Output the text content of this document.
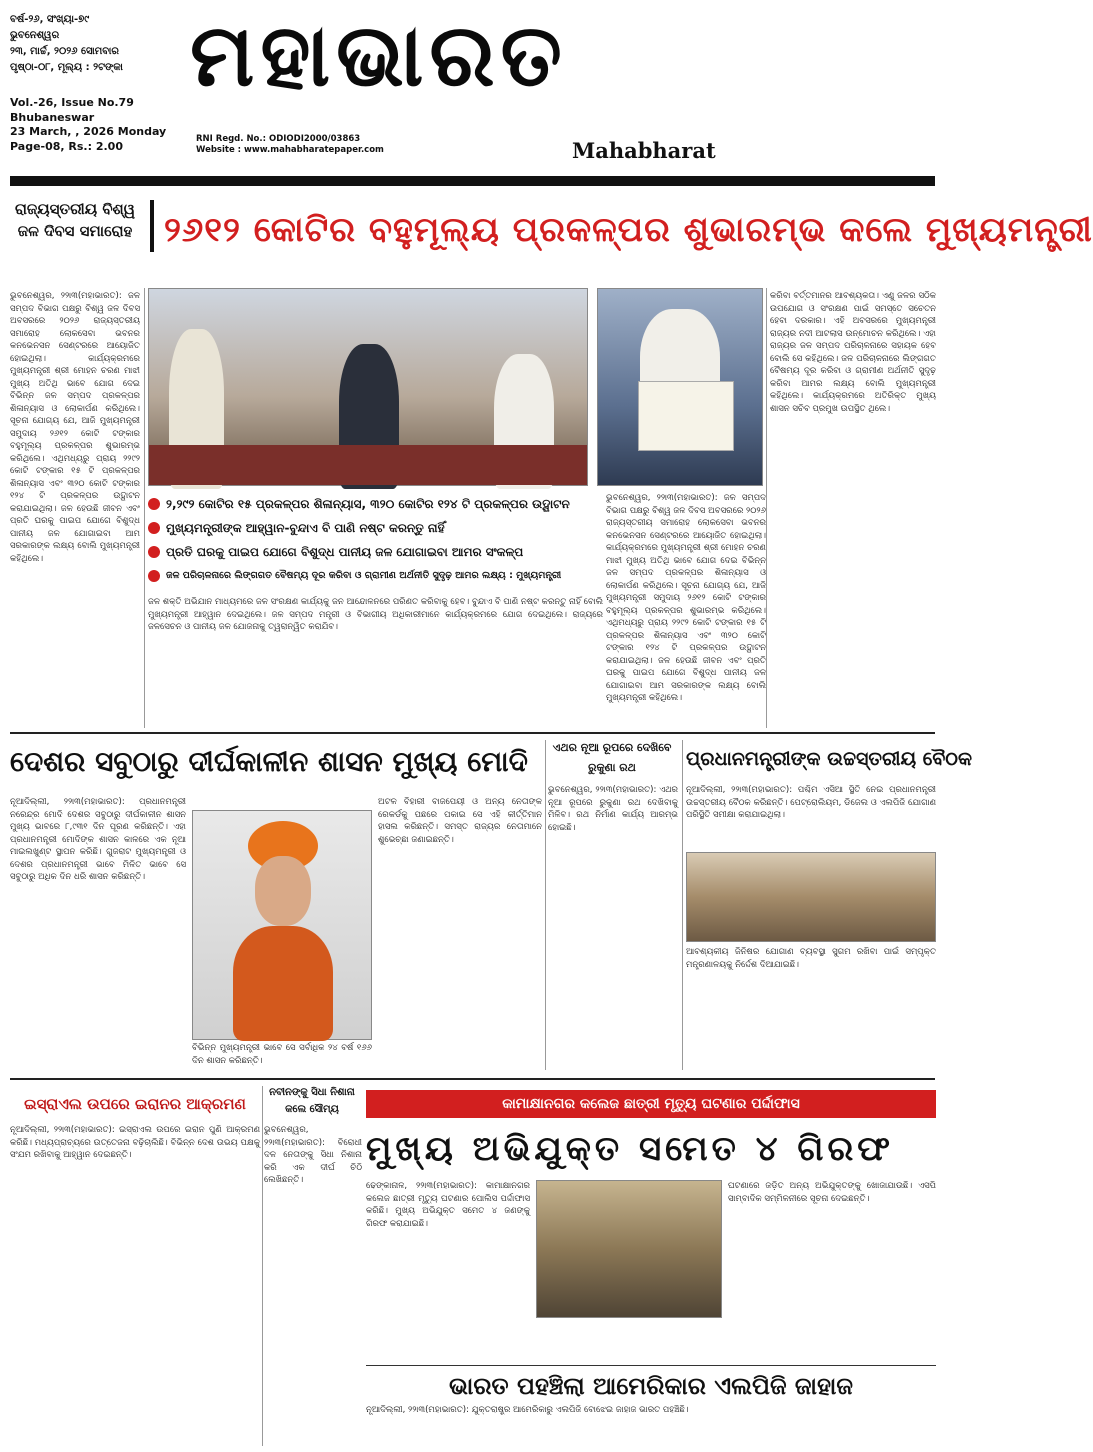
ବର୍ଷ-୨୬, ସଂଖ୍ୟା-୭୯
ଭୁବନେଶ୍ୱର
୨୩, ମାର୍ଚ୍ଚ, ୨୦୨୬ ସୋମବାର
ପୃଷ୍ଠା-୦୮, ମୂଲ୍ୟ : ୨ଟଙ୍କା
Vol.-26, Issue No.79
Bhubaneswar
23 March, , 2026 Monday
Page-08, Rs.: 2.00
ମହାଭାରତ
RNI Regd. No.: ODIODI2000/03863
Website : www.mahabharatepaper.com	Mahabharat
ରାଜ୍ୟସ୍ତରୀୟ ବିଶ୍ୱ ଜଳ ଦିବସ ସମାରୋହ ୨୬୧୨ କୋଟିର ବହୁମୂଲ୍ୟ ପ୍ରକଳ୍ପର ଶୁଭାରମ୍ଭ କଲେ ମୁଖ୍ୟମନ୍ତ୍ରୀ
ଭୁବନେଶ୍ୱର, ୨୨ା୩(ମହାଭାରତ): ଜଳ ସମ୍ପଦ ବିଭାଗ ପକ୍ଷରୁ ବିଶ୍ୱ ଜଳ ଦିବସ ଅବସରରେ ୨୦୨୬ ରାଜ୍ୟସ୍ତରୀୟ ସମାରୋହ ଲୋକସେବା ଭବନର କନଭେନସନ ସେଣ୍ଟରରେ ଆୟୋଜିତ ହୋଇଥିଲା। କାର୍ଯ୍ୟକ୍ରମରେ ମୁଖ୍ୟମନ୍ତ୍ରୀ ଶ୍ରୀ ମୋହନ ଚରଣ ମାଝୀ ମୁଖ୍ୟ ଅତିଥି ଭାବେ ଯୋଗ ଦେଇ ବିଭିନ୍ନ ଜଳ ସମ୍ପଦ ପ୍ରକଳ୍ପର ଶିଳାନ୍ୟାସ ଓ ଲୋକାର୍ପଣ କରିଥିଲେ। ସୂଚନା ଯୋଗ୍ୟ ଯେ, ଆଜି ମୁଖ୍ୟମନ୍ତ୍ରୀ ସମୁଦାୟ ୨୬୧୨ କୋଟି ଟଙ୍କାର ବହୁମୂଲ୍ୟ ପ୍ରକଳ୍ପର ଶୁଭାରମ୍ଭ କରିଥିଲେ। ଏଥିମଧ୍ୟରୁ ପ୍ରାୟ ୨୨୯୨ କୋଟି ଟଙ୍କାର ୧୫ ଟି ପ୍ରକଳ୍ପର ଶିଳାନ୍ୟାସ ଏବଂ ୩୨୦ କୋଟି ଟଙ୍କାର ୧୨୪ ଟି ପ୍ରକଳ୍ପର ଉଦ୍ଘାଟନ କରାଯାଇଥିଲା। ଜଳ ହେଉଛି ଜୀବନ ଏବଂ ପ୍ରତି ଘରକୁ ପାଇପ ଯୋଗେ ବିଶୁଦ୍ଧ ପାନୀୟ ଜଳ ଯୋଗାଇବା ଆମ ସରକାରଙ୍କ ଲକ୍ଷ୍ୟ ବୋଲି ମୁଖ୍ୟମନ୍ତ୍ରୀ କହିଥିଲେ।
କରିବା ବର୍ତ୍ତମାନର ଆବଶ୍ୟକତା। ଏଣୁ ଜଳର ସଠିକ ଉପଯୋଗ ଓ ସଂରକ୍ଷଣ ପାଇଁ ସମସ୍ତେ ସଚେତନ ହେବା ଦରକାର। ଏହି ଅବସରରେ ମୁଖ୍ୟମନ୍ତ୍ରୀ ରାଜ୍ୟର ନଦୀ ଆଟଲାସ ଉନ୍ମୋଚନ କରିଥିଲେ। ଏହା ରାଜ୍ୟର ଜଳ ସମ୍ପଦ ପରିଚାଳନାରେ ସହାୟକ ହେବ ବୋଲି ସେ କହିଥିଲେ। ଜଳ ପରିଚାଳନାରେ ଲିଙ୍ଗଗତ ବୈଷମ୍ୟ ଦୂର କରିବା ଓ ଗ୍ରାମୀଣ ଅର୍ଥନୀତି ସୁଦୃଢ଼ କରିବା ଆମର ଲକ୍ଷ୍ୟ ବୋଲି ମୁଖ୍ୟମନ୍ତ୍ରୀ କହିଥିଲେ। କାର୍ଯ୍ୟକ୍ରମରେ ଅତିରିକ୍ତ ମୁଖ୍ୟ ଶାସନ ସଚିବ ପ୍ରମୁଖ ଉପସ୍ଥିତ ଥିଲେ।
୨,୨୯୨ କୋଟିର ୧୫ ପ୍ରକଳ୍ପର ଶିଳାନ୍ୟାସ, ୩୨୦ କୋଟିର ୧୨୪ ଟି ପ୍ରକଳ୍ପର ଉଦ୍ଘାଟନ
ମୁଖ୍ୟମନ୍ତ୍ରୀଙ୍କ ଆହ୍ୱାନ-ବୁନ୍ଦାଏ ବି ପାଣି ନଷ୍ଟ କରନ୍ତୁ ନାହିଁ
ପ୍ରତି ଘରକୁ ପାଇପ ଯୋଗେ ବିଶୁଦ୍ଧ ପାନୀୟ ଜଳ ଯୋଗାଇବା ଆମର ସଂକଳ୍ପ
ଜଳ ପରିଚାଳନାରେ ଲିଙ୍ଗଗତ ବୈଷମ୍ୟ ଦୂର କରିବା ଓ ଗ୍ରାମୀଣ ଅର୍ଥନୀତି ସୁଦୃଢ଼ ଆମର ଲକ୍ଷ୍ୟ : ମୁଖ୍ୟମନ୍ତ୍ରୀ
ଜଳ ଶକ୍ତି ଅଭିଯାନ ମାଧ୍ୟମରେ ଜଳ ସଂରକ୍ଷଣ କାର୍ଯ୍ୟକୁ ଜନ ଆନ୍ଦୋଳନରେ ପରିଣତ କରିବାକୁ ହେବ। ବୁନ୍ଦାଏ ବି ପାଣି ନଷ୍ଟ କରନ୍ତୁ ନାହିଁ ବୋଲି ମୁଖ୍ୟମନ୍ତ୍ରୀ ଆହ୍ୱାନ ଦେଇଥିଲେ। ଜଳ ସମ୍ପଦ ମନ୍ତ୍ରୀ ଓ ବିଭାଗୀୟ ଅଧିକାରୀମାନେ କାର୍ଯ୍ୟକ୍ରମରେ ଯୋଗ ଦେଇଥିଲେ। ରାଜ୍ୟରେ ଜଳସେଚନ ଓ ପାନୀୟ ଜଳ ଯୋଜନାକୁ ତ୍ୱରାନ୍ୱିତ କରାଯିବ।
ଭୁବନେଶ୍ୱର, ୨୨ା୩(ମହାଭାରତ): ଜଳ ସମ୍ପଦ ବିଭାଗ ପକ୍ଷରୁ ବିଶ୍ୱ ଜଳ ଦିବସ ଅବସରରେ ୨୦୨୬ ରାଜ୍ୟସ୍ତରୀୟ ସମାରୋହ ଲୋକସେବା ଭବନର କନଭେନସନ ସେଣ୍ଟରରେ ଆୟୋଜିତ ହୋଇଥିଲା। କାର୍ଯ୍ୟକ୍ରମରେ ମୁଖ୍ୟମନ୍ତ୍ରୀ ଶ୍ରୀ ମୋହନ ଚରଣ ମାଝୀ ମୁଖ୍ୟ ଅତିଥି ଭାବେ ଯୋଗ ଦେଇ ବିଭିନ୍ନ ଜଳ ସମ୍ପଦ ପ୍ରକଳ୍ପର ଶିଳାନ୍ୟାସ ଓ ଲୋକାର୍ପଣ କରିଥିଲେ। ସୂଚନା ଯୋଗ୍ୟ ଯେ, ଆଜି ମୁଖ୍ୟମନ୍ତ୍ରୀ ସମୁଦାୟ ୨୬୧୨ କୋଟି ଟଙ୍କାର ବହୁମୂଲ୍ୟ ପ୍ରକଳ୍ପର ଶୁଭାରମ୍ଭ କରିଥିଲେ। ଏଥିମଧ୍ୟରୁ ପ୍ରାୟ ୨୨୯୨ କୋଟି ଟଙ୍କାର ୧୫ ଟି ପ୍ରକଳ୍ପର ଶିଳାନ୍ୟାସ ଏବଂ ୩୨୦ କୋଟି ଟଙ୍କାର ୧୨୪ ଟି ପ୍ରକଳ୍ପର ଉଦ୍ଘାଟନ କରାଯାଇଥିଲା। ଜଳ ହେଉଛି ଜୀବନ ଏବଂ ପ୍ରତି ଘରକୁ ପାଇପ ଯୋଗେ ବିଶୁଦ୍ଧ ପାନୀୟ ଜଳ ଯୋଗାଇବା ଆମ ସରକାରଙ୍କ ଲକ୍ଷ୍ୟ ବୋଲି ମୁଖ୍ୟମନ୍ତ୍ରୀ କହିଥିଲେ।
ଦେଶର ସବୁଠାରୁ ଦୀର୍ଘକାଳୀନ ଶାସନ ମୁଖ୍ୟ ମୋଦି ଏଥର ନୂଆ ରୂପରେ ଦେଖିବେ ରୁକୁଣା ରଥ	ପ୍ରଧାନମନ୍ତ୍ରୀଙ୍କ ଉଚ୍ଚସ୍ତରୀୟ ବୈଠକ
ନୂଆଦିଲ୍ଲୀ, ୨୨ା୩(ମହାଭାରତ): ପ୍ରଧାନମନ୍ତ୍ରୀ ନରେନ୍ଦ୍ର ମୋଦି ଦେଶର ସବୁଠାରୁ ଦୀର୍ଘକାଳୀନ ଶାସନ ମୁଖ୍ୟ ଭାବରେ ୮,୯୩୧ ଦିନ ପୂରଣ କରିଛନ୍ତି। ଏହା ପ୍ରଧାନମନ୍ତ୍ରୀ ମୋଦିଙ୍କ ଶାସନ କାଳରେ ଏକ ନୂଆ ମାଇଲଖୁଣ୍ଟ ସ୍ଥାପନ କରିଛି। ଗୁଜରାଟ ମୁଖ୍ୟମନ୍ତ୍ରୀ ଓ ଦେଶର ପ୍ରଧାନମନ୍ତ୍ରୀ ଭାବେ ମିଳିତ ଭାବେ ସେ ସବୁଠାରୁ ଅଧିକ ଦିନ ଧରି ଶାସନ କରିଛନ୍ତି।
ବିଭିନ୍ନ ମୁଖ୍ୟମନ୍ତ୍ରୀ ଭାବେ ସେ ସର୍ବାଧିକ ୨୪ ବର୍ଷ ୧୬୬ ଦିନ ଶାସନ କରିଛନ୍ତି।
ଅଟଳ ବିହାରୀ ବାଜପେୟୀ ଓ ଅନ୍ୟ ନେତାଙ୍କ ରେକର୍ଡକୁ ପଛରେ ପକାଇ ସେ ଏହି କୀର୍ତ୍ତିମାନ ହାସଲ କରିଛନ୍ତି। ସମସ୍ତ ରାଜ୍ୟର ନେତାମାନେ ଶୁଭେଚ୍ଛା ଜଣାଇଛନ୍ତି।
ଭୁବନେଶ୍ୱର, ୨୨ା୩(ମହାଭାରତ): ଏଥର ନୂଆ ରୂପରେ ରୁକୁଣା ରଥ ଦେଖିବାକୁ ମିଳିବ। ରଥ ନିର୍ମାଣ କାର୍ଯ୍ୟ ଆରମ୍ଭ ହୋଇଛି।
ନୂଆଦିଲ୍ଲୀ, ୨୨ା୩(ମହାଭାରତ): ପଶ୍ଚିମ ଏସିଆ ସ୍ଥିତି ନେଇ ପ୍ରଧାନମନ୍ତ୍ରୀ ଉଚ୍ଚସ୍ତରୀୟ ବୈଠକ କରିଛନ୍ତି। ପେଟ୍ରୋଲିୟମ, ଡିଜେଲ ଓ ଏଲପିଜି ଯୋଗାଣ ପରିସ୍ଥିତି ସମୀକ୍ଷା କରାଯାଇଥିଲା।
ଆବଶ୍ୟକୀୟ ଜିନିଷର ଯୋଗାଣ ବ୍ୟବସ୍ଥା ସୁଗମ ରଖିବା ପାଇଁ ସମ୍ପୃକ୍ତ ମନ୍ତ୍ରଣାଳୟକୁ ନିର୍ଦ୍ଦେଶ ଦିଆଯାଇଛି।
ଇସ୍ରାଏଲ ଉପରେ ଇରାନର ଆକ୍ରମଣ
ନୂଆଦିଲ୍ଲୀ, ୨୨ା୩(ମହାଭାରତ): ଇସ୍ରାଏଲ ଉପରେ ଇରାନ ପୁଣି ଆକ୍ରମଣ କରିଛି। ମଧ୍ୟପ୍ରାଚ୍ୟରେ ଉତ୍ତେଜନା ବଢ଼ିଚାଲିଛି। ବିଭିନ୍ନ ଦେଶ ଉଭୟ ପକ୍ଷକୁ ସଂଯମ ରଖିବାକୁ ଆହ୍ୱାନ ଦେଇଛନ୍ତି।
ନବୀନଙ୍କୁ ସିଧା ନିଶାନା କଲେ ସୌମ୍ୟ
ଭୁବନେଶ୍ୱର, ୨୨ା୩(ମହାଭାରତ): ବିରୋଧୀ ଦଳ ନେତାଙ୍କୁ ସିଧା ନିଶାନା କରି ଏକ ଦୀର୍ଘ ଚିଠି ଲେଖିଛନ୍ତି।
କାମାକ୍ଷାନଗର କଲେଜ ଛାତ୍ରୀ ମୃତ୍ୟୁ ଘଟଣାର ପର୍ଦ୍ଦାଫାସ
ମୁଖ୍ୟ ଅଭିଯୁକ୍ତ ସମେତ ୪ ଗିରଫ
ଢେଙ୍କାନାଳ, ୨୨ା୩(ମହାଭାରତ): କାମାକ୍ଷାନଗର କଲେଜ ଛାତ୍ରୀ ମୃତ୍ୟୁ ଘଟଣାର ପୋଲିସ ପର୍ଦ୍ଦାଫାସ କରିଛି। ମୁଖ୍ୟ ଅଭିଯୁକ୍ତ ସମେତ ୪ ଜଣଙ୍କୁ ଗିରଫ କରାଯାଇଛି।
ଘଟଣାରେ ଜଡ଼ିତ ଅନ୍ୟ ଅଭିଯୁକ୍ତଙ୍କୁ ଖୋଜାଯାଉଛି। ଏସପି ସାମ୍ବାଦିକ ସମ୍ମିଳନୀରେ ସୂଚନା ଦେଇଛନ୍ତି।
ଭାରତ ପହଞ୍ଚିଲା ଆମେରିକାର ଏଲପିଜି ଜାହାଜ
ନୂଆଦିଲ୍ଲୀ, ୨୨ା୩(ମହାଭାରତ): ଯୁକ୍ତରାଷ୍ଟ୍ର ଆମେରିକାରୁ ଏଲପିଜି ବୋଝେଇ ଜାହାଜ ଭାରତ ପହଞ୍ଚିଛି।
